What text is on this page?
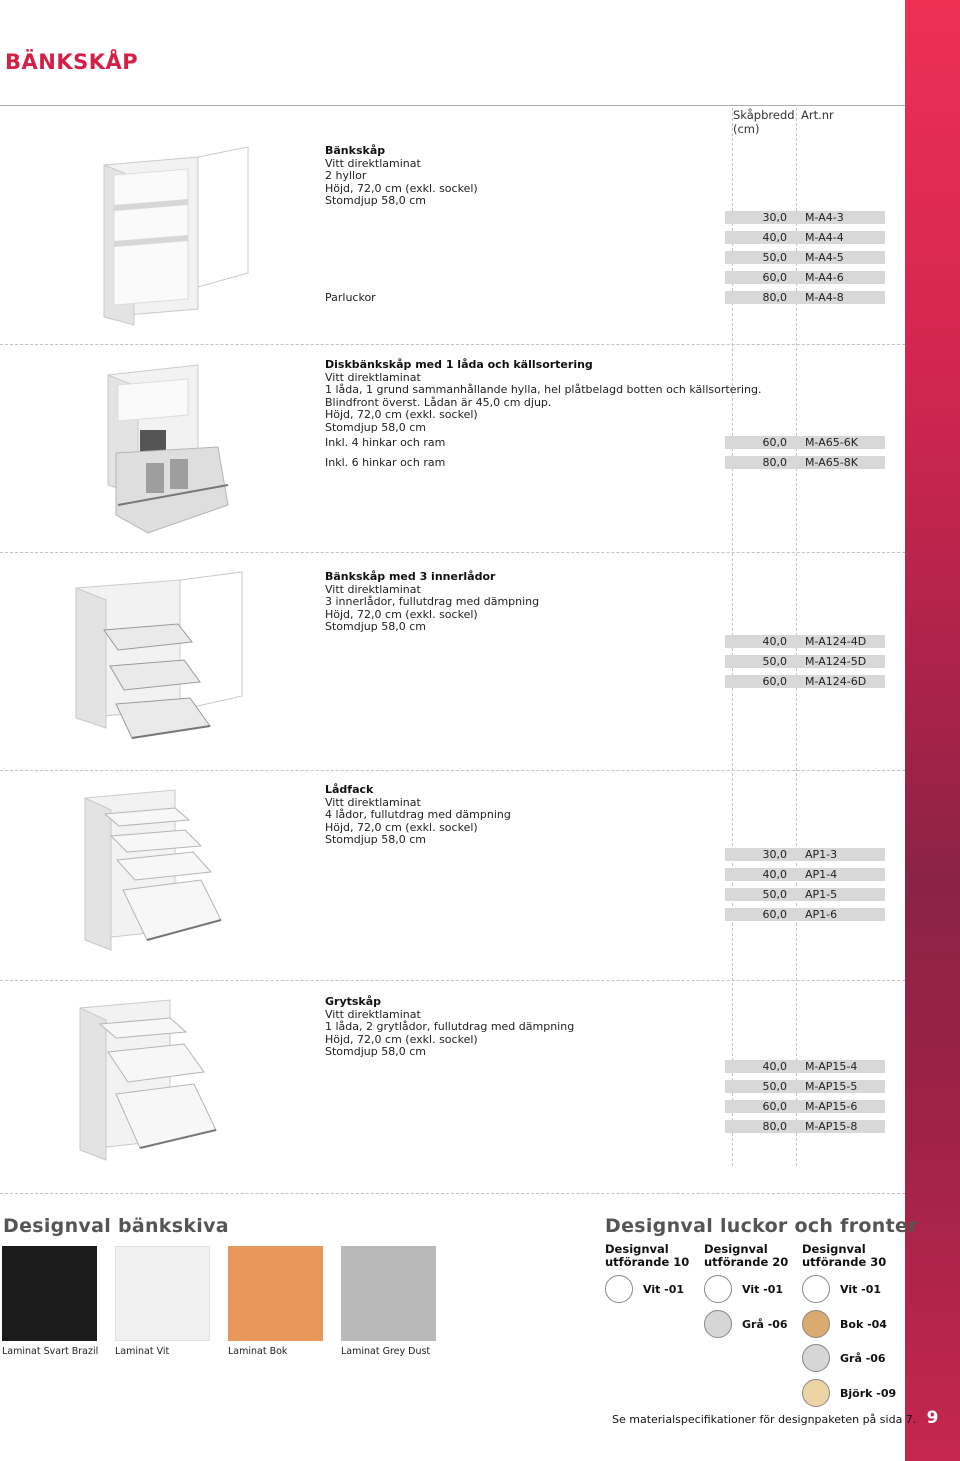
9
BÄNKSKÅP
Skåpbredd (cm)
Art.nr
Bänkskåp
Vitt direktlaminat
2 hyllor
Höjd, 72,0 cm (exkl. sockel)
Stomdjup 58,0 cm
30,0 M-A4-3
40,0 M-A4-4
50,0 M-A4-5
60,0 M-A4-6
Parluckor	80,0 M-A4-8
Diskbänkskåp med 1 låda och källsortering
Vitt direktlaminat
1 låda, 1 grund sammanhållande hylla, hel plåtbelagd botten och källsortering.
Blindfront överst. Lådan är 45,0 cm djup.
Höjd, 72,0 cm (exkl. sockel)
Stomdjup 58,0 cm
Inkl. 4 hinkar och ram	60,0 M-A65-6K
Inkl. 6 hinkar och ram	80,0 M-A65-8K
Bänkskåp med 3 innerlådor
Vitt direktlaminat
3 innerlådor, fullutdrag med dämpning
Höjd, 72,0 cm (exkl. sockel)
Stomdjup 58,0 cm
40,0 M-A124-4D
50,0 M-A124-5D
60,0 M-A124-6D
Lådfack
Vitt direktlaminat
4 lådor, fullutdrag med dämpning
Höjd, 72,0 cm (exkl. sockel)
Stomdjup 58,0 cm
30,0 AP1-3
40,0 AP1-4
50,0 AP1-5
60,0 AP1-6
Grytskåp
Vitt direktlaminat
1 låda, 2 grytlådor, fullutdrag med dämpning
Höjd, 72,0 cm (exkl. sockel)
Stomdjup 58,0 cm
40,0 M-AP15-4
50,0 M-AP15-5
60,0 M-AP15-6
80,0 M-AP15-8
Designval bänkskiva
Laminat Svart Brazil Laminat Vit	Laminat Bok	Laminat Grey Dust
Designval luckor och fronter
Designval
utförande 10
Designval
utförande 20
Designval
utförande 30
Vit -01	Vit -01
Grå -06
Vit -01
Bok -04
Grå -06
Björk -09
Se materialspecifikationer för designpaketen på sida 7.
